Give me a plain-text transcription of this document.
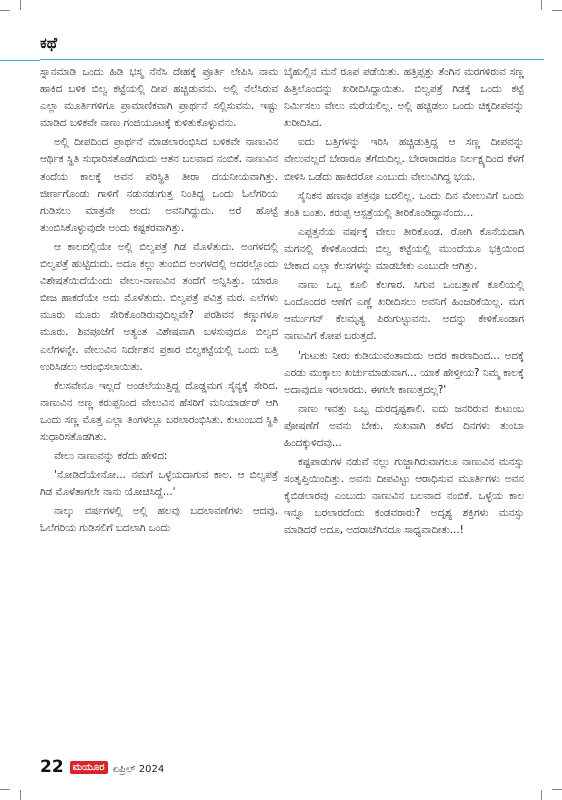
ಕಥೆ

ಸ್ನಾನಮಾಡಿ ಒಂದು ಹಿಡಿ ಭಸ್ಮ ನೆನೆಸಿ ದೇಹಕ್ಕೆ ಪ್ರೂರ್ತಿ ಲೇಪಿಸಿ ನಾಮ ಹಾಕಿದ ಬಳಿಕ ಬಿಲ್ವ ಕಟ್ಟೆಯಲ್ಲಿ ದೀಪ ಹಚ್ಚಿಡುವನು. ಅಲ್ಲಿ ನೆಲೆಸಿರುವ ಎಲ್ಲಾ ಮೂರ್ತಿಗಳಿಗೂ ಪ್ರಾಮಾಣಿಕವಾಗಿ ಪ್ರಾರ್ಥನೆ ಸಲ್ಲಿಸುವನು. ಇಷ್ಟು ಮಾಡಿದ ಬಳಿಕವೇ ನಾಣು ಗಂಜಿಯೂಟಕ್ಕೆ ಕುಳಿತುಕೊಳ್ಳುವನು.

ಅಲ್ಲಿ ದೀಪದಿಂದ ಪ್ರಾರ್ಥನೆ ಮಾಡಲಾರಂಭಿಸಿದ ಬಳಿಕವೇ ನಾಣುವಿನ ಆರ್ಥಿಕ ಸ್ಥಿತಿ ಸುಧಾರಿಸತೊಡಗಿದುದು ಆತನ ಬಲವಾದ ನಂಬಿಕೆ. ನಾಣುವಿನ ತಂದೆಯ ಕಾಲಕ್ಕೆ ಅವನ ಪರಿಸ್ಥಿತಿ ತೀರಾ ದಯನೀಯವಾಗಿತ್ತು. ಜೀರ್ಣಗೊಂಡು ಗಾಳಿಗೆ ನಡುನಡುಗುತ್ತ ನಿಂತಿದ್ದ ಒಂದು ಓಲೆಗರಿಯ ಗುಡಿಸಲು ಮಾತ್ರವೇ ಅಂದು ಅವನಿಗಿದ್ದುದು. ಅರೆ ಹೊಟ್ಟೆ ತುಂಬಿಸಿಕೊಳ್ಳುವುದೇ ಅಂದು ಕಷ್ಟಕರವಾಗಿತ್ತು.

ಆ ಕಾಲದಲ್ಲಿಯೇ ಅಲ್ಲಿ ಬಿಲ್ವಪತ್ರೆ ಗಿಡ ಮೊಳೆತುದು. ಅಂಗಳದಲ್ಲಿ ಬಿಲ್ವಪತ್ರೆ ಹುಟ್ಟಿದುದು. ಅದೂ ಕಲ್ಲು ತುಂಬಿದ ಅಂಗಳದಲ್ಲಿ ಅದರಲ್ಲೊಂದು ವಿಶೇಷತೆಯಿದೆಯೆಂದು ವೇಲು-ನಾಣುವಿನ ತಂದೆಗೆ ಅನ್ನಿಸಿತ್ತು. ಯಾರೂ ಬೀಜ ಹಾಕದೆಯೇ ಅದು ಮೊಳೆತುದು. ಬಿಲ್ವಪತ್ರೆ ಪವಿತ್ರ ಮರ. ಎಲೆಗಳು ಮೂರು ಮೂರು ಸೇರಿಕೊಂಡಿರುವುದಿಲ್ಲವೇ? ಪರಶಿವನ ಕಣ್ಣುಗಳೂ ಮೂರು. ಶಿವಪೂಜೆಗೆ ಅತ್ಯಂತ ವಿಶೇಷವಾಗಿ ಬಳಸುವುದೂ ಬಿಲ್ವದ ಎಲೆಗಳನ್ನೇ. ವೇಲುವಿನ ನಿರ್ದೇಶನ ಪ್ರಕಾರ ಬಿಲ್ವಕಟ್ಟೆಯಲ್ಲಿ ಒಂದು ಬತ್ತಿ ಉರಿಸಿಡಲು ಆರಂಭಿಸಲಾಯಿತು.

ಕೆಲಸವೇನೂ ಇಲ್ಲದೆ ಅಂಡಲೆಯುತ್ತಿದ್ದ ದೊಡ್ಡಮಗ ಸೈನ್ಯಕ್ಕೆ ಸೇರಿದ. ನಾಣುವಿನ ಅಣ್ಣ ಕರುಪ್ಪನಿಂದ ವೇಲುವಿನ ಹೆಸರಿಗೆ ಮನಿಯಾರ್ಡರ್ ಆಗಿ ಒಂದು ಸಣ್ಣ ಮೊತ್ತ ಎಲ್ಲಾ ತಿಂಗಳಲ್ಲೂ ಬರಲಾರಂಭಿಸಿತು. ಕುಟುಂಬದ ಸ್ಥಿತಿ ಸುಧಾರಿಸತೊಡಗಿತು.

ವೇಲು ನಾಣುವನ್ನು ಕರೆದು ಹೇಳಿದ:

'ನೋಡಿದೆಯೇನೋ... ನಮಗೆ ಒಳ್ಳೆಯದಾಗುವ ಕಾಲ. ಆ ಬಿಲ್ವಪತ್ರೆ ಗಿಡ ಮೊಳೆತಾಗಲೇ ನಾನು ಯೋಚಿಸಿದ್ದೆ...'

ನಾಲ್ಕು ವರ್ಷಗಳಲ್ಲಿ ಅಲ್ಲಿ ಹಲವು ಬದಲಾವಣೆಗಳು ಆದವು. ಓಲೆಗರಿಯ ಗುಡಿಸಲಿಗೆ ಬದಲಾಗಿ ಒಂದು

ಬೈಹುಲ್ಲಿನ ಮನೆ ರೂಪ ಪಡೆಯಿತು. ಹತ್ತಿಪ್ಪತ್ತು ತೆಂಗಿನ ಮರಗಳಿರುವ ಸಣ್ಣ ಹಿತ್ತಿಲೊಂದನ್ನು ಖರೀದಿಸಿದ್ದಾಯಿತು. ಬಿಲ್ವಪತ್ರೆ ಗಿಡಕ್ಕೆ ಒಂದು ಕಟ್ಟೆ ನಿರ್ಮಿಸಲು ವೇಲು ಮರೆಯಲಿಲ್ಲ. ಅಲ್ಲಿ ಹಚ್ಚಿಡಲು ಒಂದು ಚಿಕ್ಕದೀಪವನ್ನು ಖರೀದಿಸಿದ.

ಐದು ಬತ್ತಿಗಳನ್ನು ಇರಿಸಿ ಹಚ್ಚಿಡುತ್ತಿದ್ದ ಆ ಸಣ್ಣ ದೀಪವನ್ನು ವೇಲುವಲ್ಲದೆ ಬೇರಾರೂ ತೆಗೆದುದಿಲ್ಲ. ಬೇರಾರಾದರೂ ನಿರ್ಲಕ್ಷ್ಯದಿಂದ ಕೆಳಗೆ ಬೀಳಿಸಿ ಒಡೆದು ಹಾಕಿದರೋ ಎಂಬುದು ವೇಲುವಿಗಿದ್ದ ಭಯ.

ಸೈನಿಕನ ಹಣವೂ ಪತ್ರವೂ ಬರಲಿಲ್ಲ. ಒಂದು ದಿನ ಮೇಲುವಿಗೆ ಒಂದು ತಂತಿ ಬಂತು. ಕರುಪ್ಪ ಆಸ್ಪತ್ರೆಯಲ್ಲಿ ತೀರಿಕೊಂಡಿದ್ದಾನೆಂದು...

ಎಪ್ಪತ್ತನೆಯ ವರ್ಷಕ್ಕೆ ವೇಲು ತೀರಿಕೊಂಡ. ರೋಗಿ ಕೊನೆಯದಾಗಿ ಮಗನಲ್ಲಿ ಕೇಳಿಕೊಂಡದು ಬಿಲ್ವ ಕಟ್ಟೆಯಲ್ಲಿ ಮುಂದೆಯೂ ಭಕ್ತಿಯಿಂದ ಬೇಕಾದ ಎಲ್ಲಾ ಕೆಲಸಗಳನ್ನು ಮಾಡಬೇಕು ಎಂಬುದೇ ಆಗಿತ್ತು.

ನಾಣು ಒಬ್ಬ ಕೂಲಿ ಕೆಲಗಾರ. ಸಿಗುವ ಒಂಬತ್ತಾಣೆ ಕೂಲಿಯಲ್ಲಿ ಒಂದೊಂದರ ಆಣೆಗೆ ಎಣ್ಣೆ ಖರೀದಿಸಲು ಅವನಿಗೆ ಹಿಂಜರಿಕೆಯಿಲ್ಲ. ಮಗ ಆರ್ಮುಗನ್ ಕೆಲಮೃತ್ಯ ಪಿರುಗುಟ್ಟುವನು. ಅದನ್ನು ಕೇಳಿಕೊಂಡಾಗ ನಾಣುವಿಗೆ ಕೋಪ ಬರುತ್ತದೆ.

'ಗುಟುಕು ನೀರು ಕುಡಿಯುವಂತಾದುದು ಅದರ ಕಾರಣದಿಂದ... ಅದಕ್ಕೆ ಎರಡು ಮುಕ್ಕಾಲು ಖರ್ಚುಮಾಡುವಾಗ... ಯಾಕೆ ಹೇಳ್ತೀಯ? ನಿಮ್ಮ ಕಾಲಕ್ಕೆ ಅದಾವುದೂ ಇರಲಾರದು. ಈಗಲೇ ಕಾಣುತ್ತದಲ್ಲ?'

ನಾಣು ಇವತ್ತು ಒಬ್ಬ ದುರದೃಷ್ಟಶಾಲಿ. ಐದು ಜನರಿರುವ ಕುಟುಂಬ ಪೋಷಣೆಗೆ ಅವನು ಬೇಕು. ಸುಖವಾಗಿ ಕಳೆದ ದಿನಗಳು ತುಂಬಾ ಹಿಂದಕ್ಕುಳಿದವು...

ಕಷ್ಟಪಾಡುಗಳ ನಡುವೆ ನಲ್ಲು ಗುಜ್ಜಾಗಿರುವಾಗಲೂ ನಾಣುವಿನ ಮನಸ್ಸು ಸಂತೃಪ್ತಿಯಿಂದಿತ್ತು. ಅವನು ದೀಪವಿಟ್ಟು ಆರಾಧಿಸುವ ಮೂರ್ತಿಗಳು ಅವನ ಕೈಬಿಡಲಾರವು ಎಂಬುದು ನಾಣುವಿನ ಬಲವಾದ ನಂಬಿಕೆ. ಒಳ್ಳೆಯ ಕಾಲ ಇನ್ನೂ ಬರಲಾರದೆಂದು ಕಂಡವರಾರು? ಅದೃಶ್ಯ ಶಕ್ತಿಗಳು ಮನಸ್ಸು ಮಾಡಿದರೆ ಅದೂ, ಅದರಾಚೆಗಿನದೂ ಸಾಧ್ಯವಾದೀತು...!

22 ಮಯೂರ ಏಪ್ರಿಲ್ 2024
